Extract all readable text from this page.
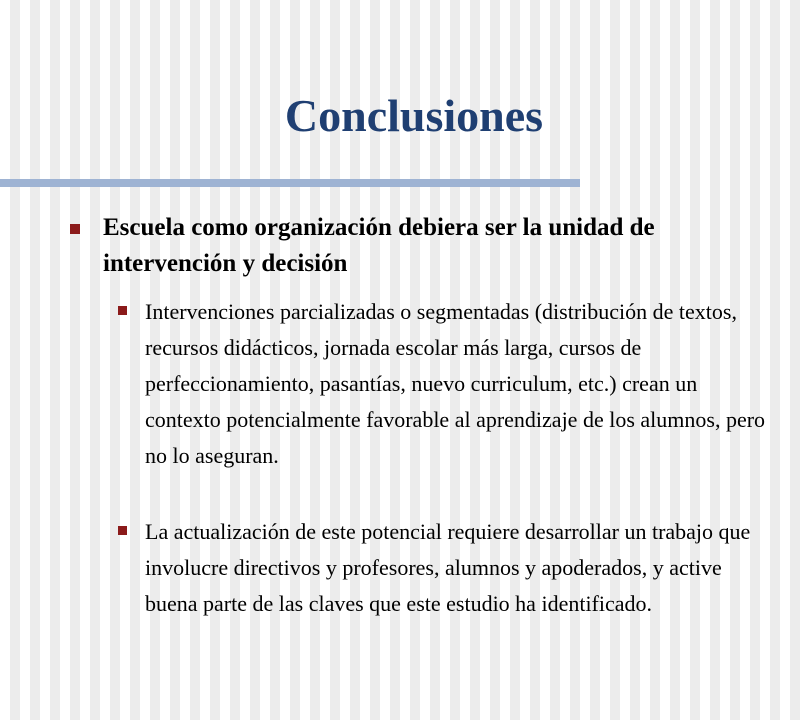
Conclusiones
Escuela como organización debiera ser la unidad de intervención y decisión
Intervenciones parcializadas o segmentadas (distribución de textos, recursos didácticos, jornada escolar más larga, cursos de perfeccionamiento, pasantías, nuevo curriculum, etc.) crean un contexto potencialmente favorable al aprendizaje de los alumnos, pero no lo aseguran.
La actualización de este potencial requiere desarrollar un trabajo que involucre directivos y profesores, alumnos y apoderados, y active buena parte de las claves que este estudio ha identificado.
